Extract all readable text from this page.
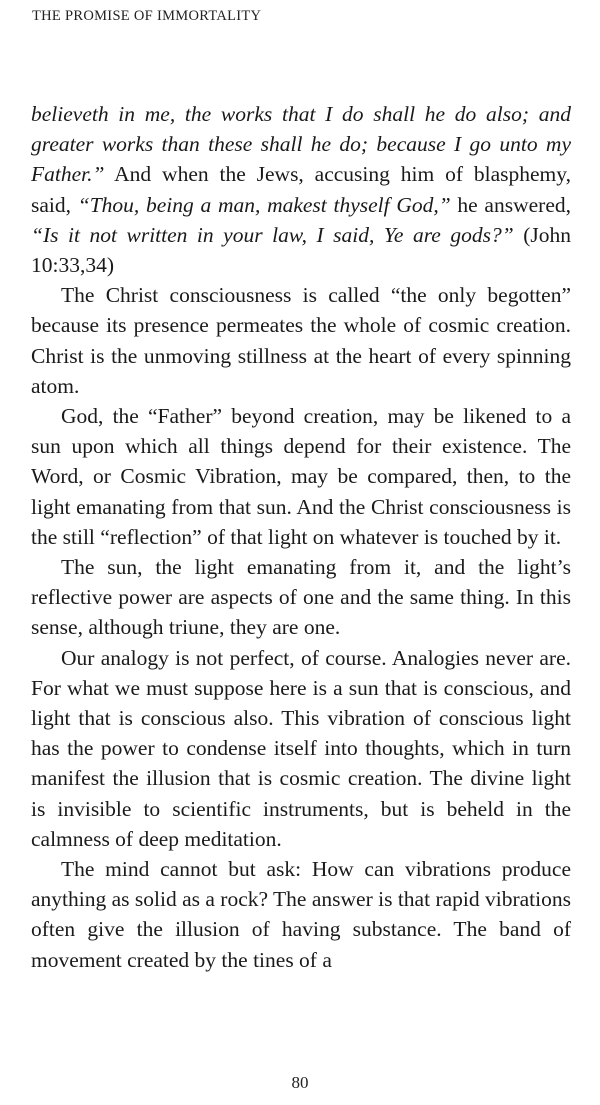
THE PROMISE OF IMMORTALITY

believeth in me, the works that I do shall he do also; and greater works than these shall he do; because I go unto my Father.” And when the Jews, accusing him of blasphemy, said, “Thou, being a man, makest thyself God,” he answered, “Is it not written in your law, I said, Ye are gods?” (John 10:33,34)

The Christ consciousness is called “the only begotten” because its presence permeates the whole of cosmic creation. Christ is the unmoving stillness at the heart of every spinning atom.

God, the “Father” beyond creation, may be likened to a sun upon which all things depend for their existence. The Word, or Cosmic Vibration, may be compared, then, to the light emanating from that sun. And the Christ consciousness is the still “reflection” of that light on whatever is touched by it.

The sun, the light emanating from it, and the light’s reflective power are aspects of one and the same thing. In this sense, although triune, they are one.

Our analogy is not perfect, of course. Analogies never are. For what we must suppose here is a sun that is conscious, and light that is conscious also. This vibration of conscious light has the power to condense itself into thoughts, which in turn manifest the illusion that is cosmic creation. The divine light is invisible to scientific instruments, but is beheld in the calmness of deep meditation.

The mind cannot but ask: How can vibrations produce anything as solid as a rock? The answer is that rapid vibrations often give the illusion of having substance. The band of movement created by the tines of a

80
